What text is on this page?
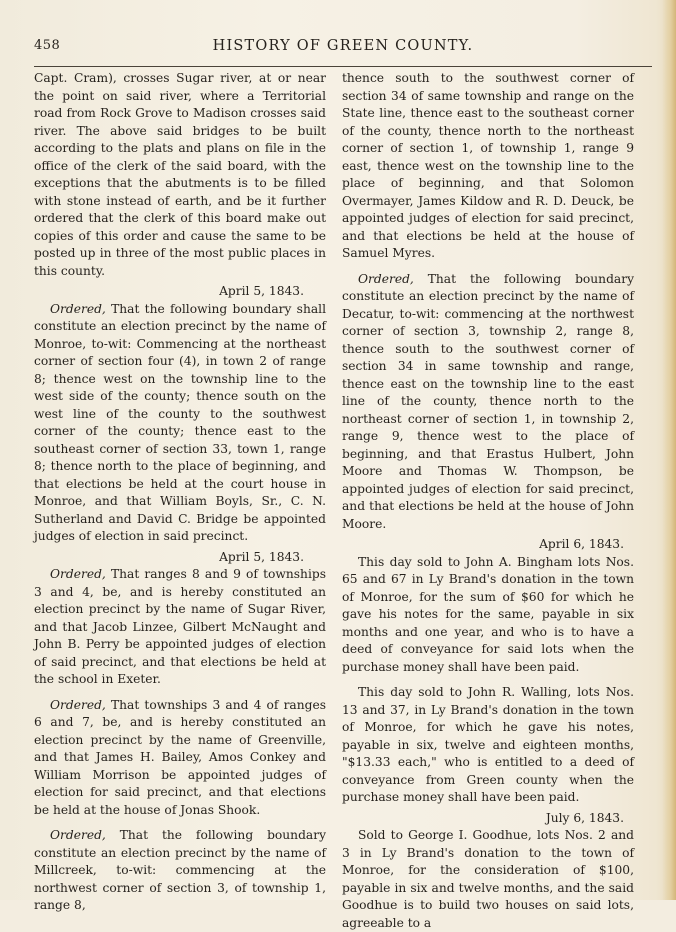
458	HISTORY OF GREEN COUNTY.

Capt. Cram), crosses Sugar river, at or near the point on said river, where a Territorial road from Rock Grove to Madison crosses said river. The above said bridges to be built according to the plats and plans on file in the office of the clerk of the said board, with the exceptions that the abutments is to be filled with stone instead of earth, and be it further ordered that the clerk of this board make out copies of this order and cause the same to be posted up in three of the most public places in this county.

April 5, 1843.

Ordered, That the following boundary shall constitute an election precinct by the name of Monroe, to-wit: Commencing at the northeast corner of section four (4), in town 2 of range 8; thence west on the township line to the west side of the county; thence south on the west line of the county to the southwest corner of the county; thence east to the southeast corner of section 33, town 1, range 8; thence north to the place of beginning, and that elections be held at the court house in Monroe, and that William Boyls, Sr., C. N. Sutherland and David C. Bridge be appointed judges of election in said precinct.

April 5, 1843.

Ordered, That ranges 8 and 9 of townships 3 and 4, be, and is hereby constituted an election precinct by the name of Sugar River, and that Jacob Linzee, Gilbert McNaught and John B. Perry be appointed judges of election of said precinct, and that elections be held at the school in Exeter.

Ordered, That townships 3 and 4 of ranges 6 and 7, be, and is hereby constituted an election precinct by the name of Greenville, and that James H. Bailey, Amos Conkey and William Morrison be appointed judges of election for said precinct, and that elections be held at the house of Jonas Shook.

Ordered, That the following boundary constitute an election precinct by the name of Millcreek, to-wit: commencing at the northwest corner of section 3, of township 1, range 8,

thence south to the southwest corner of section 34 of same township and range on the State line, thence east to the southeast corner of the county, thence north to the northeast corner of section 1, of township 1, range 9 east, thence west on the township line to the place of beginning, and that Solomon Overmayer, James Kildow and R. D. Deuck, be appointed judges of election for said precinct, and that elections be held at the house of Samuel Myres.

Ordered, That the following boundary constitute an election precinct by the name of Decatur, to-wit: commencing at the northwest corner of section 3, township 2, range 8, thence south to the southwest corner of section 34 in same township and range, thence east on the township line to the east line of the county, thence north to the northeast corner of section 1, in township 2, range 9, thence west to the place of beginning, and that Erastus Hulbert, John Moore and Thomas W. Thompson, be appointed judges of election for said precinct, and that elections be held at the house of John Moore.

April 6, 1843.

This day sold to John A. Bingham lots Nos. 65 and 67 in Ly Brand's donation in the town of Monroe, for the sum of $60 for which he gave his notes for the same, payable in six months and one year, and who is to have a deed of conveyance for said lots when the purchase money shall have been paid.

This day sold to John R. Walling, lots Nos. 13 and 37, in Ly Brand's donation in the town of Monroe, for which he gave his notes, payable in six, twelve and eighteen months, "$13.33 each," who is entitled to a deed of conveyance from Green county when the purchase money shall have been paid.

July 6, 1843.

Sold to George I. Goodhue, lots Nos. 2 and 3 in Ly Brand's donation to the town of Monroe, for the consideration of $100, payable in six and twelve months, and the said Goodhue is to build two houses on said lots, agreeable to a
